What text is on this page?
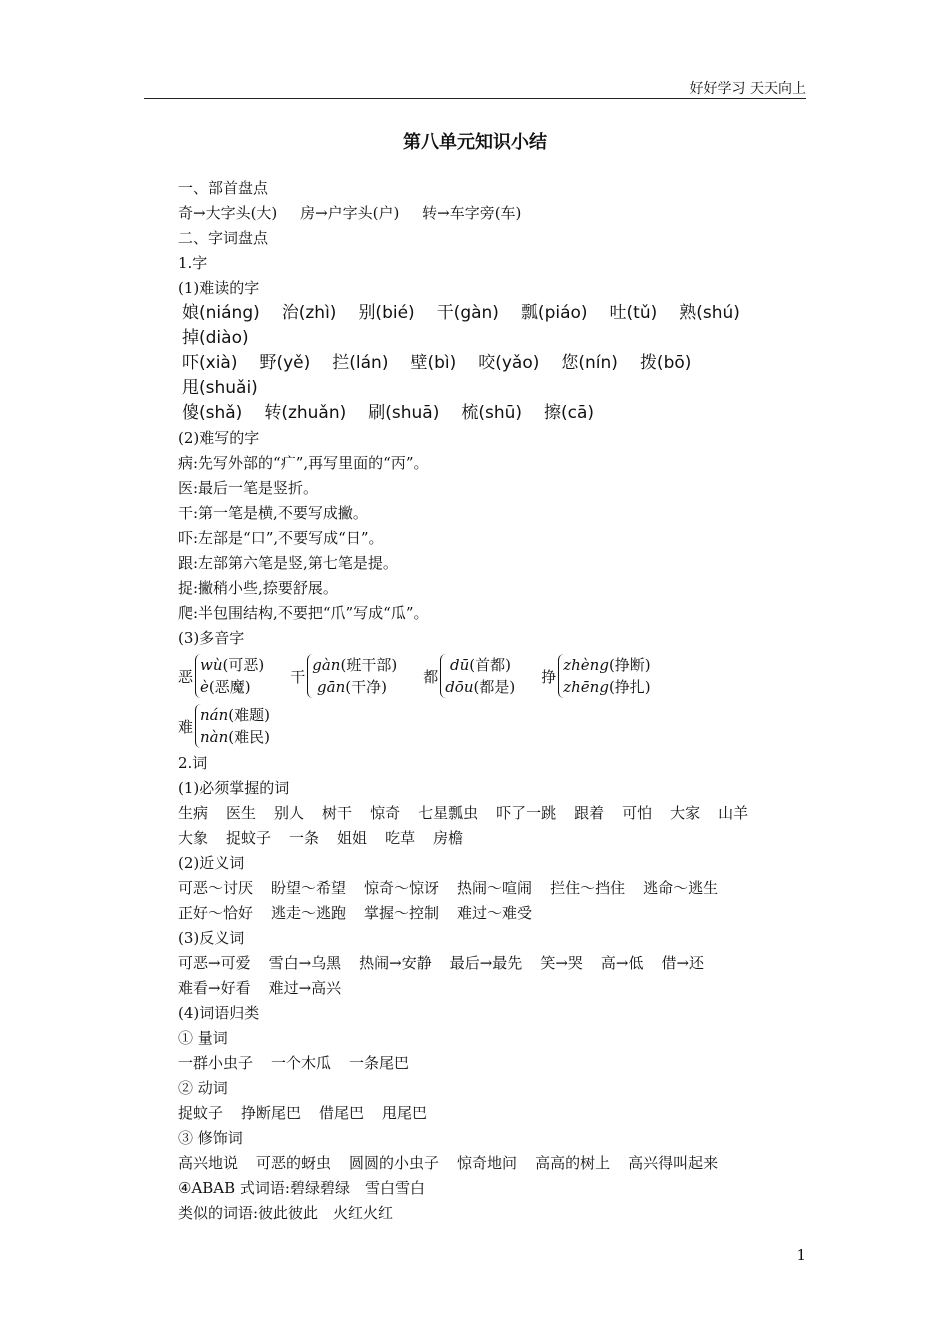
好好学习 天天向上
第八单元知识小结
一、部首盘点
奇→大字头(大) 房→户字头(户) 转→车字旁(车)
二、字词盘点
1.字
(1)难读的字
娘(niáng) 治(zhì) 别(bié) 干(gàn) 瓢(piáo) 吐(tǔ) 熟(shú)掉(diào)
吓(xià) 野(yě) 拦(lán) 壁(bì) 咬(yǎo) 您(nín) 拨(bō)甩(shuǎi)
傻(shǎ) 转(zhuǎn) 刷(shuā) 梳(shū) 擦(cā)
(2)难写的字
病:先写外部的“疒”,再写里面的“丙”。
医:最后一笔是竖折。
干:第一笔是横,不要写成撇。
吓:左部是“口”,不要写成“日”。
跟:左部第六笔是竖,第七笔是提。
捉:撇稍小些,捺要舒展。
爬:半包围结构,不要把“爪”写成“瓜”。
(3)多音字
恶
wù(可恶)
è(恶魔)
干
gàn(班干部)
gān(干净)
都
dū(首都)
dōu(都是)
挣
zhèng(挣断)
zhēng(挣扎)
难
nán(难题)
nàn(难民)
2.词
(1)必须掌握的词
生病 医生 别人 树干 惊奇 七星瓢虫 吓了一跳 跟着 可怕 大家 山羊
大象 捉蚊子 一条 姐姐 吃草 房檐
(2)近义词
可恶～讨厌 盼望～希望 惊奇～惊讶 热闹～喧闹 拦住～挡住 逃命～逃生
正好～恰好 逃走～逃跑 掌握～控制 难过～难受
(3)反义词
可恶→可爱 雪白→乌黑 热闹→安静 最后→最先 笑→哭 高→低 借→还
难看→好看 难过→高兴
(4)词语归类
① 量词
一群小虫子 一个木瓜 一条尾巴
② 动词
捉蚊子 挣断尾巴 借尾巴 甩尾巴
③ 修饰词
高兴地说 可恶的蚜虫 圆圆的小虫子 惊奇地问 高高的树上 高兴得叫起来
④ABAB 式词语:碧绿碧绿　雪白雪白
类似的词语:彼此彼此　火红火红
1
